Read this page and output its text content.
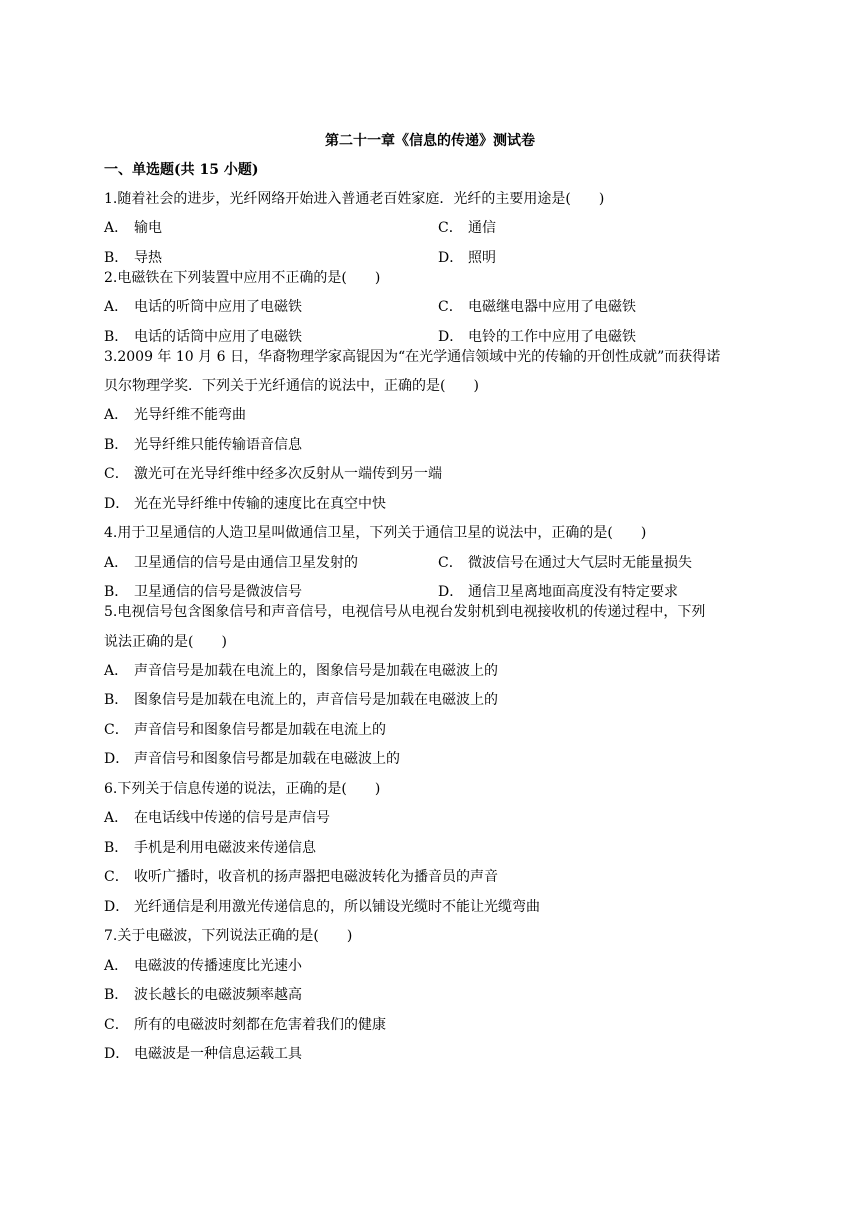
第二十一章《信息的传递》测试卷
一、单选题(共 15 小题)
1.随着社会的进步，光纤网络开始进入普通老百姓家庭．光纤的主要用途是(　　)
A． 输电	C． 通信
B． 导热	D． 照明
2.电磁铁在下列装置中应用不正确的是(　　)
A． 电话的听筒中应用了电磁铁	C． 电磁继电器中应用了电磁铁
B． 电话的话筒中应用了电磁铁	D． 电铃的工作中应用了电磁铁
3.2009 年 10 月 6 日，华裔物理学家高锟因为“在光学通信领域中光的传输的开创性成就”而获得诺
贝尔物理学奖．下列关于光纤通信的说法中，正确的是(　　)
A． 光导纤维不能弯曲
B． 光导纤维只能传输语音信息
C． 激光可在光导纤维中经多次反射从一端传到另一端
D． 光在光导纤维中传输的速度比在真空中快
4.用于卫星通信的人造卫星叫做通信卫星，下列关于通信卫星的说法中，正确的是(　　)
A． 卫星通信的信号是由通信卫星发射的	C． 微波信号在通过大气层时无能量损失
B． 卫星通信的信号是微波信号	D． 通信卫星离地面高度没有特定要求
5.电视信号包含图象信号和声音信号，电视信号从电视台发射机到电视接收机的传递过程中，下列
说法正确的是(　　)
A． 声音信号是加载在电流上的，图象信号是加载在电磁波上的
B． 图象信号是加载在电流上的，声音信号是加载在电磁波上的
C． 声音信号和图象信号都是加载在电流上的
D． 声音信号和图象信号都是加载在电磁波上的
6.下列关于信息传递的说法，正确的是(　　)
A． 在电话线中传递的信号是声信号
B． 手机是利用电磁波来传递信息
C． 收听广播时，收音机的扬声器把电磁波转化为播音员的声音
D． 光纤通信是利用激光传递信息的，所以铺设光缆时不能让光缆弯曲
7.关于电磁波，下列说法正确的是(　　)
A． 电磁波的传播速度比光速小
B． 波长越长的电磁波频率越高
C． 所有的电磁波时刻都在危害着我们的健康
D． 电磁波是一种信息运载工具
